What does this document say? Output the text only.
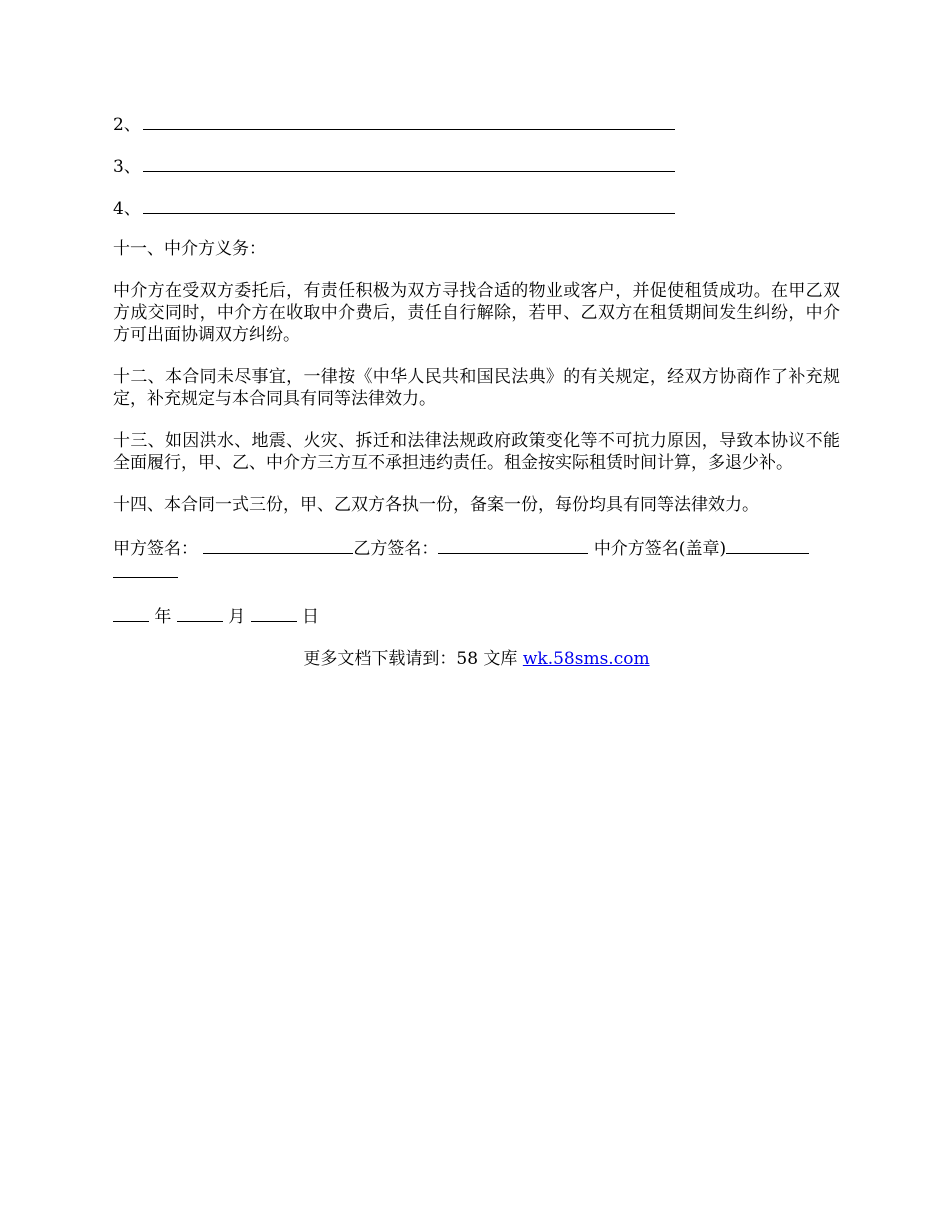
2、
3、
4、

十一、中介方义务：

中介方在受双方委托后，有责任积极为双方寻找合适的物业或客户，并促使租赁成功。在甲乙双方成交同时，中介方在收取中介费后，责任自行解除，若甲、乙双方在租赁期间发生纠纷，中介方可出面协调双方纠纷。

十二、本合同未尽事宜，一律按《中华人民共和国民法典》的有关规定，经双方协商作了补充规定，补充规定与本合同具有同等法律效力。

十三、如因洪水、地震、火灾、拆迁和法律法规政府政策变化等不可抗力原因，导致本协议不能全面履行，甲、乙、中介方三方互不承担违约责任。租金按实际租赁时间计算，多退少补。

十四、本合同一式三份，甲、乙双方各执一份，备案一份，每份均具有同等法律效力。

甲方签名：	乙方签名：	中介方签名(盖章)
年	月	日

更多文档下载请到：58 文库 wk.58sms.com
